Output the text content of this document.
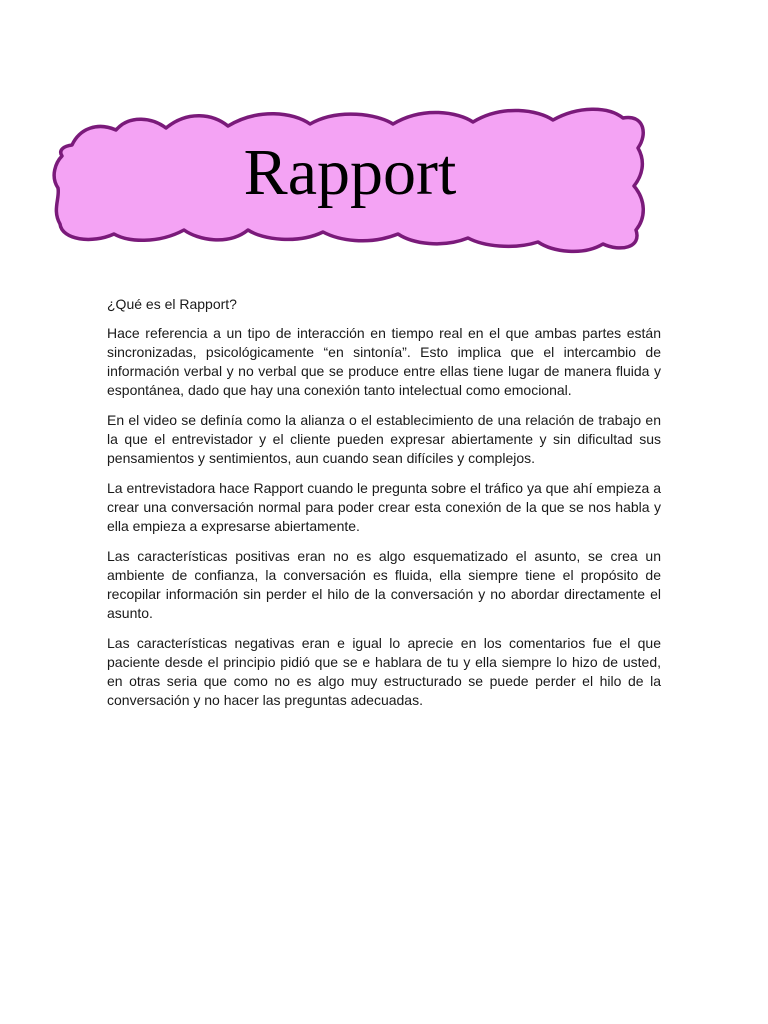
Rapport

¿Qué es el Rapport?

Hace referencia a un tipo de interacción en tiempo real en el que ambas partes están sincronizadas, psicológicamente “en sintonía”. Esto implica que el intercambio de información verbal y no verbal que se produce entre ellas tiene lugar de manera fluida y espontánea, dado que hay una conexión tanto intelectual como emocional.

En el video se definía como la alianza o el establecimiento de una relación de trabajo en la que el entrevistador y el cliente pueden expresar abiertamente y sin dificultad sus pensamientos y sentimientos, aun cuando sean difíciles y complejos.

La entrevistadora hace Rapport cuando le pregunta sobre el tráfico ya que ahí empieza a crear una conversación normal para poder crear esta conexión de la que se nos habla y ella empieza a expresarse abiertamente.

Las características positivas eran no es algo esquematizado el asunto, se crea un ambiente de confianza, la conversación es fluida, ella siempre tiene el propósito de recopilar información sin perder el hilo de la conversación y no abordar directamente el asunto.

Las características negativas eran e igual lo aprecie en los comentarios fue el que paciente desde el principio pidió que se e hablara de tu y ella siempre lo hizo de usted, en otras seria que como no es algo muy estructurado se puede perder el hilo de la conversación y no hacer las preguntas adecuadas.
